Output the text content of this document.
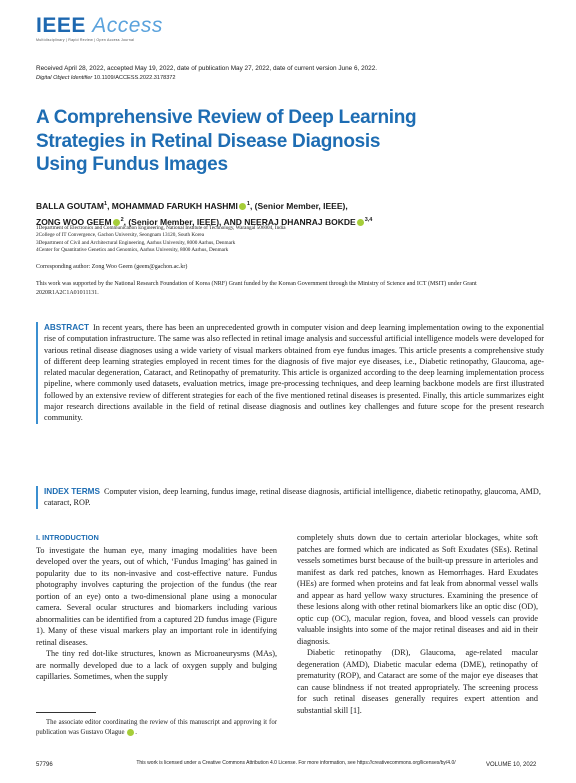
IEEE Access
Multidisciplinary | Rapid Review | Open Access Journal
Received April 28, 2022, accepted May 19, 2022, date of publication May 27, 2022, date of current version June 6, 2022.
Digital Object Identifier 10.1109/ACCESS.2022.3178372
A Comprehensive Review of Deep Learning Strategies in Retinal Disease Diagnosis Using Fundus Images
BALLA GOUTAM$^1$, MOHAMMAD FARUKH HASHMI $^1$, (Senior Member, IEEE),
ZONG WOO GEEM $^2$, (Senior Member, IEEE), AND NEERAJ DHANRAJ BOKDE $^{3,4}$
1Department of Electronics and Communication Engineering, National Institute of Technology, Warangal 506004, India
2College of IT Convergence, Gachon University, Seongnam 13120, South Korea
3Department of Civil and Architectural Engineering, Aarhus University, 8000 Aarhus, Denmark
4Center for Quantitative Genetics and Genomics, Aarhus University, 8000 Aarhus, Denmark
Corresponding author: Zong Woo Geem (geem@gachon.ac.kr)
This work was supported by the National Research Foundation of Korea (NRF) Grant funded by the Korean Government through the Ministry of Science and ICT (MSIT) under Grant 2020R1A2C1A01011131.
ABSTRACT In recent years, there has been an unprecedented growth in computer vision and deep learning implementation owing to the exponential rise of computation infrastructure. The same was also reflected in retinal image analysis and successful artificial intelligence models were developed for various retinal disease diagnoses using a wide variety of visual markers obtained from eye fundus images. This article presents a comprehensive study of different deep learning strategies employed in recent times for the diagnosis of five major eye diseases, i.e., Diabetic retinopathy, Glaucoma, age-related macular degeneration, Cataract, and Retinopathy of prematurity. This article is organized according to the deep learning implementation process pipeline, where commonly used datasets, evaluation metrics, image pre-processing techniques, and deep learning backbone models are first illustrated followed by an extensive review of different strategies for each of the five mentioned retinal diseases is presented. Finally, this article summarizes eight major research directions available in the field of retinal disease diagnosis and outlines key challenges and future scope for the present research community.
INDEX TERMS Computer vision, deep learning, fundus image, retinal disease diagnosis, artificial intelligence, diabetic retinopathy, glaucoma, AMD, cataract, ROP.
I. INTRODUCTION

To investigate the human eye, many imaging modalities have been developed over the years, out of which, ‘Fundus Imaging’ has gained in popularity due to its non-invasive and cost-effective nature. Fundus photography involves capturing the projection of the fundus (the rear portion of an eye) onto a two-dimensional plane using a monocular camera. Several ocular structures and biomarkers including various abnormalities can be identified from a captured 2D fundus image (Figure 1). Many of these visual markers play an important role in identifying retinal diseases.

The tiny red dot-like structures, known as Microaneurysms (MAs), are normally developed due to a lack of oxygen supply and bulging capillaries. Sometimes, when the supply

completely shuts down due to certain arteriolar blockages, white soft patches are formed which are indicated as Soft Exudates (SEs). Retinal vessels sometimes burst because of the built-up pressure in arterioles and manifest as dark red patches, known as Hemorrhages. Hard Exudates (HEs) are formed when proteins and fat leak from abnormal vessel walls and appear as hard yellow waxy structures. Examining the presence of these lesions along with other retinal biomarkers like an optic disc (OD), optic cup (OC), macular region, fovea, and blood vessels can provide valuable insights into some of the major retinal diseases and aid in their diagnosis.

Diabetic retinopathy (DR), Glaucoma, age-related macular degeneration (AMD), Diabetic macular edema (DME), retinopathy of prematurity (ROP), and Cataract are some of the major eye diseases that can cause blindness if not treated appropriately. The screening process for such retinal diseases generally requires expert attention and substantial skill [1].

The associate editor coordinating the review of this manuscript and approving it for publication was Gustavo Olague .
57796	This work is licensed under a Creative Commons Attribution 4.0 License. For more information, see https://creativecommons.org/licenses/by/4.0/	VOLUME 10, 2022
